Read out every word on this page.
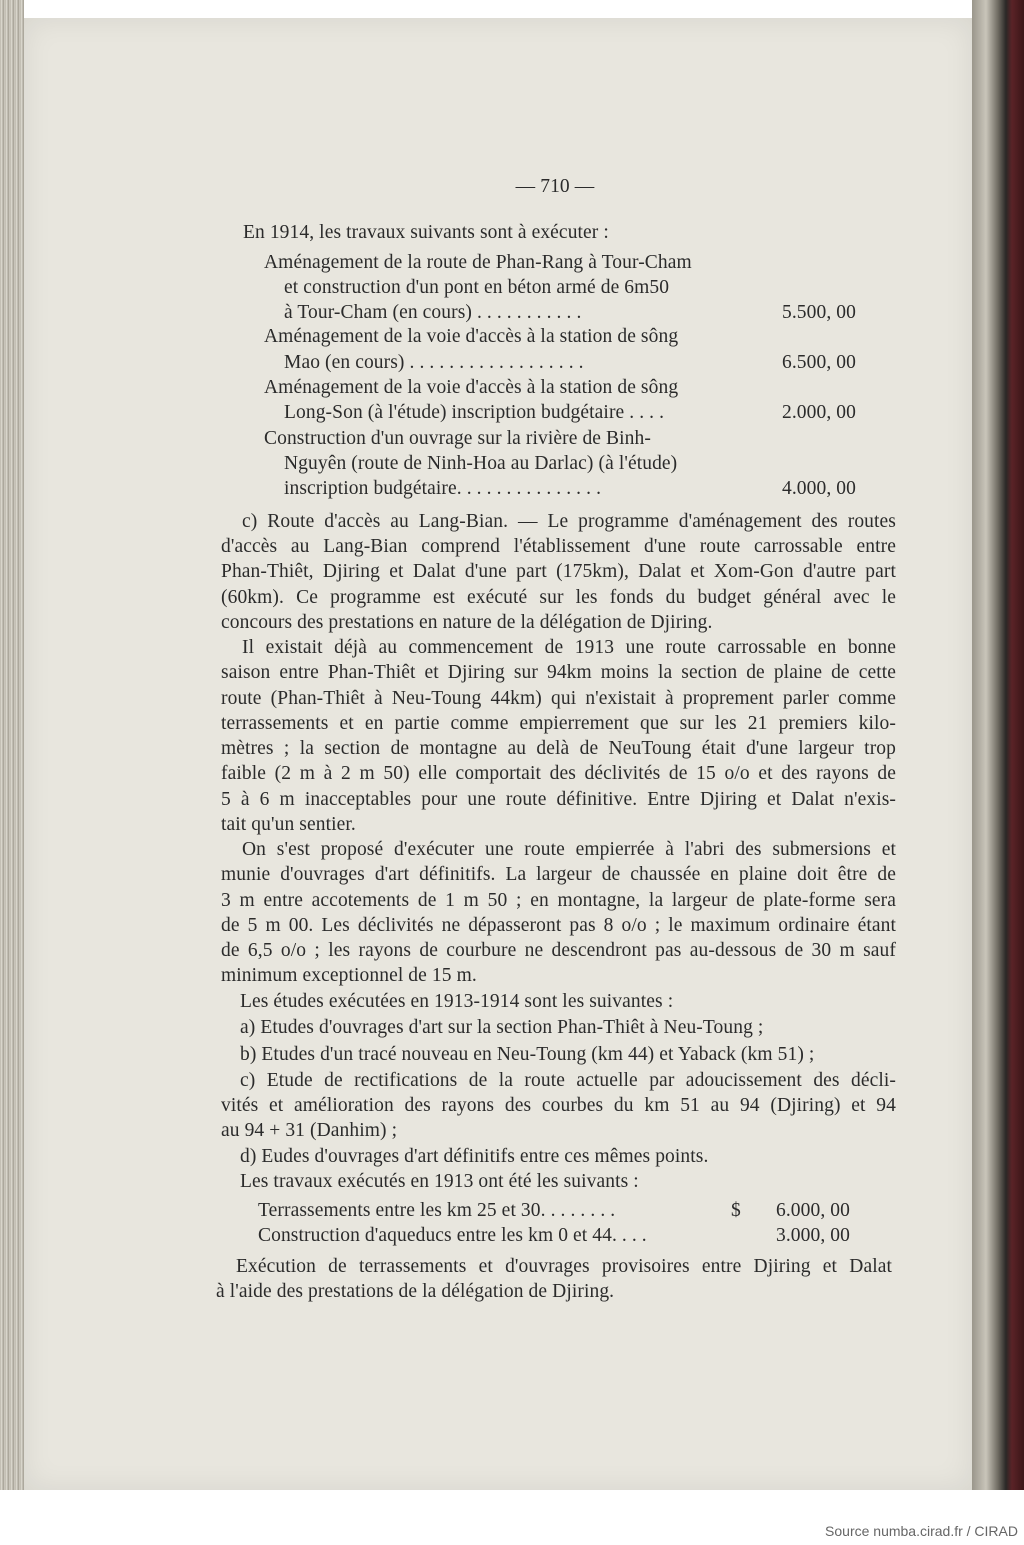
— 710 —

En 1914, les travaux suivants sont à exécuter :

Aménagement de la route de Phan-Rang à Tour-Cham

et construction d'un pont en béton armé de 6m50

à Tour-Cham (en cours) . . . . . . . . . . .	5.500, 00

Aménagement de la voie d'accès à la station de sông

Mao (en cours) . . . . . . . . . . . . . . . . . .	6.500, 00

Aménagement de la voie d'accès à la station de sông

Long-Son (à l'étude) inscription budgétaire . . . .	2.000, 00

Construction d'un ouvrage sur la rivière de Binh-

Nguyên (route de Ninh-Hoa au Darlac) (à l'étude)

inscription budgétaire. . . . . . . . . . . . . . .	4.000, 00

c) Route d'accès au Lang-Bian. — Le programme d'aménagement des routes

d'accès au Lang-Bian comprend l'établissement d'une route carrossable entre

Phan-Thiêt, Djiring et Dalat d'une part (175km), Dalat et Xom-Gon d'autre part

(60km). Ce programme est exécuté sur les fonds du budget général avec le

concours des prestations en nature de la délégation de Djiring.

Il existait déjà au commencement de 1913 une route carrossable en bonne

saison entre Phan-Thiêt et Djiring sur 94km moins la section de plaine de cette

route (Phan-Thiêt à Neu-Toung 44km) qui n'existait à proprement parler comme

terrassements et en partie comme empierrement que sur les 21 premiers kilo-

mètres ; la section de montagne au delà de NeuToung était d'une largeur trop

faible (2 m à 2 m 50) elle comportait des déclivités de 15 o/o et des rayons de

5 à 6 m inacceptables pour une route définitive. Entre Djiring et Dalat n'exis-

tait qu'un sentier.

On s'est proposé d'exécuter une route empierrée à l'abri des submersions et

munie d'ouvrages d'art définitifs. La largeur de chaussée en plaine doit être de

3 m entre accotements de 1 m 50 ; en montagne, la largeur de plate-forme sera

de 5 m 00. Les déclivités ne dépasseront pas 8 o/o ; le maximum ordinaire étant

de 6,5 o/o ; les rayons de courbure ne descendront pas au-dessous de 30 m sauf

minimum exceptionnel de 15 m.

Les études exécutées en 1913-1914 sont les suivantes :

a) Etudes d'ouvrages d'art sur la section Phan-Thiêt à Neu-Toung ;

b) Etudes d'un tracé nouveau en Neu-Toung (km 44) et Yaback (km 51) ;

c) Etude de rectifications de la route actuelle par adoucissement des décli-

vités et amélioration des rayons des courbes du km 51 au 94 (Djiring) et 94

au 94 + 31 (Danhim) ;

d) Eudes d'ouvrages d'art définitifs entre ces mêmes points.

Les travaux exécutés en 1913 ont été les suivants :

Terrassements entre les km 25 et 30. . . . . . . .	$ 6.000, 00

Construction d'aqueducs entre les km 0 et 44. . . .	3.000, 00

Exécution de terrassements et d'ouvrages provisoires entre Djiring et Dalat

à l'aide des prestations de la délégation de Djiring.

Source numba.cirad.fr / CIRAD
